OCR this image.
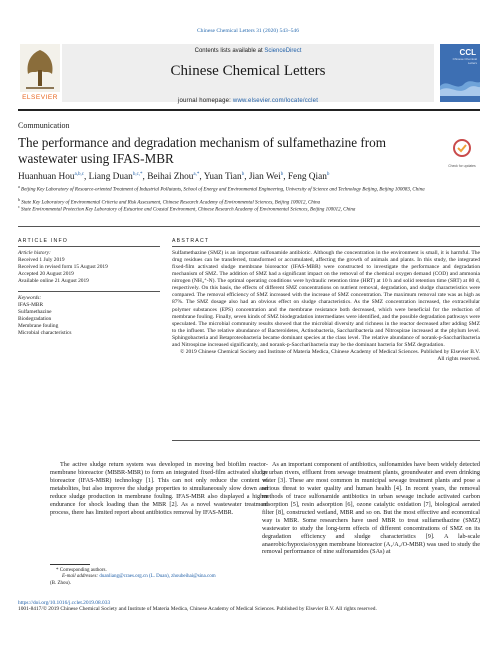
Chinese Chemical Letters 31 (2020) 543–546
ELSEVIER
Contents lists available at ScienceDirect
Chinese Chemical Letters
journal homepage: www.elsevier.com/locate/cclet
CCL
Chinese Chemical Letters
Communication
The performance and degradation mechanism of sulfamethazine from wastewater using IFAS-MBR	Check for updates
Huanhuan Hou$^{a,b,c}$, Liang Duan$^{b,c,*}$, Beihai Zhou$^{a,*}$, Yuan Tian$^b$, Jian Wei$^b$, Feng Qian$^b$
$^a$ Beijing Key Laboratory of Resource-oriented Treatment of Industrial Pollutants, School of Energy and Environmental Engineering, University of Science and Technology Beijing, Beijing 100083, China
$^b$ State Key Laboratory of Environmental Criteria and Risk Assessment, Chinese Research Academy of Environmental Sciences, Beijing 100012, China
$^c$ State Environmental Protection Key Laboratory of Estuarine and Coastal Environment, Chinese Research Academy of Environmental Sciences, Beijing 100012, China
ARTICLE INFO	ABSTRACT
Article history:
Received 1 July 2019
Received in revised form 15 August 2019
Accepted 20 August 2019
Available online 21 August 2019
Keywords:
IFAS-MBR
Sulfamethazine
Biodegradation
Membrane fouling
Microbial characteristics

Sulfamethazine (SMZ) is an important sulfonamide antibiotic. Although the concentration in the environment is small, it is harmful. The drug residues can be transferred, transformed or accumulated, affecting the growth of animals and plants. In this study, the integrated fixed-film activated sludge membrane bioreactor (IFAS-MBR) were constructed to investigate the performance and degradation mechanism of SMZ. The addition of SMZ had a significant impact on the removal of the chemical oxygen demand (COD) and ammonia nitrogen (NH₄⁺-N). The optimal operating conditions were hydraulic retention time (HRT) at 10 h and solid retention time (SRT) at 80 d, respectively. On this basis, the effects of different SMZ concentrations on nutrient removal, degradation, and sludge characteristics were compared. The removal efficiency of SMZ increased with the increase of SMZ concentration. The maximum removal rate was as high as 87%. The SMZ dosage also had an obvious effect on sludge characteristics. As the SMZ concentration increased, the extracellular polymer substances (EPS) concentration and the membrane resistance both decreased, which were beneficial for the reduction of membrane fouling. Finally, seven kinds of SMZ biodegradation intermediates were identified, and the possible degradation pathways were speculated. The microbial community results showed that the microbial diversity and richness in the reactor decreased after adding SMZ to the influent. The relative abundance of Bacteroidetes, Actinobacteria, Saccharibacteria and Nitrospirae increased at the phylum level. Sphingobacteria and Betaproteobacteria became dominant species at the class level. The relative abundance of norank-p-Saccharibacteria and Nitrospirae increased significantly, and norank-p-Saccharibacteria may be the dominant bacteria for SMZ degradation.

© 2019 Chinese Chemical Society and Institute of Materia Medica, Chinese Academy of Medical Sciences. Published by Elsevier B.V. All rights reserved.

The active sludge return system was developed in moving bed biofilm reactor-membrane bioreactor (MBBR-MBR) to form an integrated fixed-film activated sludge bioreactor (IFAS-MBR) technology [1]. This can not only reduce the content of metabolites, but also improve the sludge properties to simultaneously slow down and reduce sludge production in membrane fouling. IFAS-MBR also displayed a higher endurance for shock loading than the MBR [2]. As a novel wastewater treatment process, there has limited report about antibiotics removal by IFAS-MBR.

As an important component of antibiotics, sulfonamides have been widely detected in urban rivers, effluent from sewage treatment plants, groundwater and even drinking water [3]. These are most common in municipal sewage treatment plants and pose a serious threat to water quality and human health [4]. In recent years, the removal methods of trace sulfonamide antibiotics in urban sewage include activated carbon adsorption [5], resin adsorption [6], ozone catalytic oxidation [7], biological aerated filter [8], constructed wetland, MBR and so on. But the most effective and economical way is MBR. Some researchers have used MBR to treat sulfamethazine (SMZ) wastewater to study the long-term effects of different concentrations of SMZ on its degradation efficiency and sludge characteristics [9]. A lab-scale anaerobic/hypoxia/oxygen membrane bioreactor (A₁/A₂/O-MBR) was used to study the removal performance of nine sulfonamides (SAs) at

* Corresponding authors.
E-mail addresses: duanliang@craes.org.cn (L. Duan), zhoubeihai@sina.com
(B. Zhou).
https://doi.org/10.1016/j.cclet.2019.08.033
1001-8417/© 2019 Chinese Chemical Society and Institute of Materia Medica, Chinese Academy of Medical Sciences. Published by Elsevier B.V. All rights reserved.
